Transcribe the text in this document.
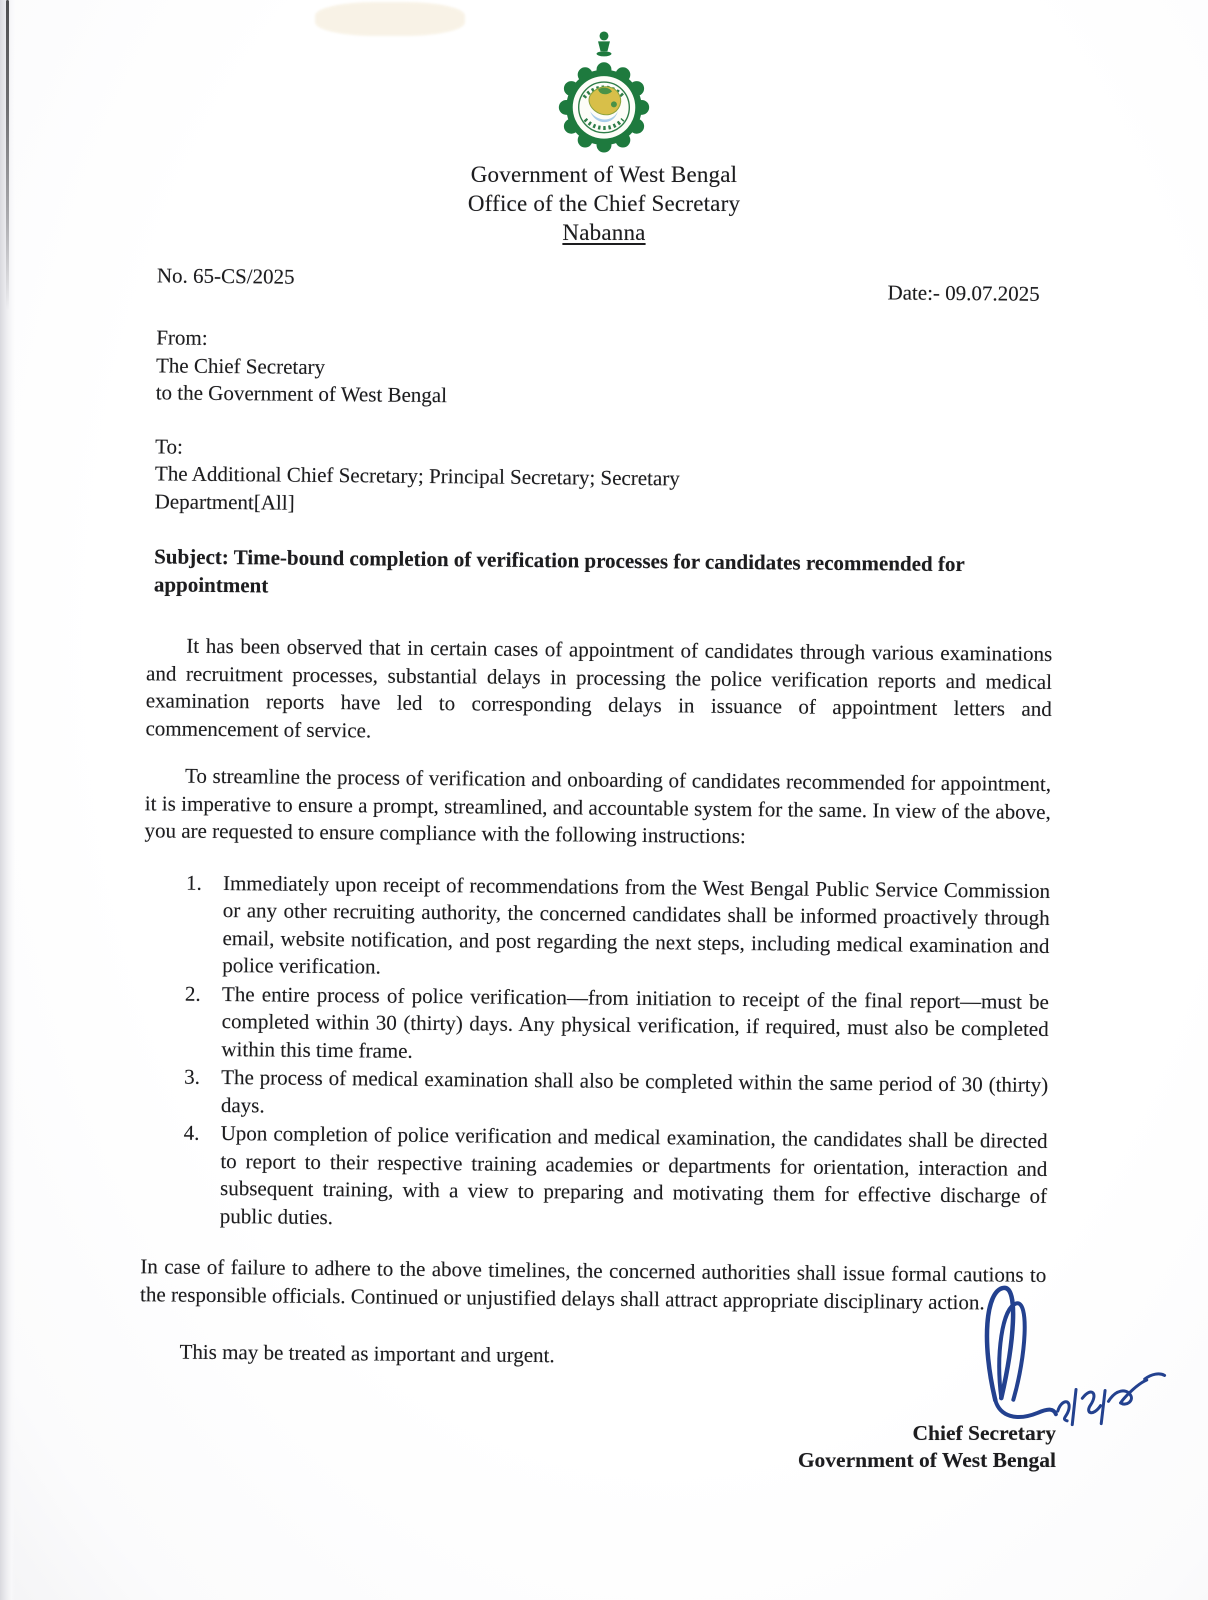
Government of West Bengal
Office of the Chief Secretary
Nabanna
No. 65-CS/2025
Date:- 09.07.2025
From:
The Chief Secretary
to the Government of West Bengal
To:
The Additional Chief Secretary; Principal Secretary; Secretary
Department[All]
Subject: Time-bound completion of verification processes for candidates recommended for appointment

It has been observed that in certain cases of appointment of candidates through various examinations and recruitment processes, substantial delays in processing the police verification reports and medical examination reports have led to corresponding delays in issuance of appointment letters and commencement of service.

To streamline the process of verification and onboarding of candidates recommended for appointment, it is imperative to ensure a prompt, streamlined, and accountable system for the same. In view of the above, you are requested to ensure compliance with the following instructions:

1.	Immediately upon receipt of recommendations from the West Bengal Public Service Commission or any other recruiting authority, the concerned candidates shall be informed proactively through email, website notification, and post regarding the next steps, including medical examination and police verification.
2.	The entire process of police verification—from initiation to receipt of the final report—must be completed within 30 (thirty) days. Any physical verification, if required, must also be completed within this time frame.
3.	The process of medical examination shall also be completed within the same period of 30 (thirty) days.
4.	Upon completion of police verification and medical examination, the candidates shall be directed to report to their respective training academies or departments for orientation, interaction and subsequent training, with a view to preparing and motivating them for effective discharge of public duties.

In case of failure to adhere to the above timelines, the concerned authorities shall issue formal cautions to the responsible officials. Continued or unjustified delays shall attract appropriate disciplinary action.

This may be treated as important and urgent.

Chief Secretary
Government of West Bengal
